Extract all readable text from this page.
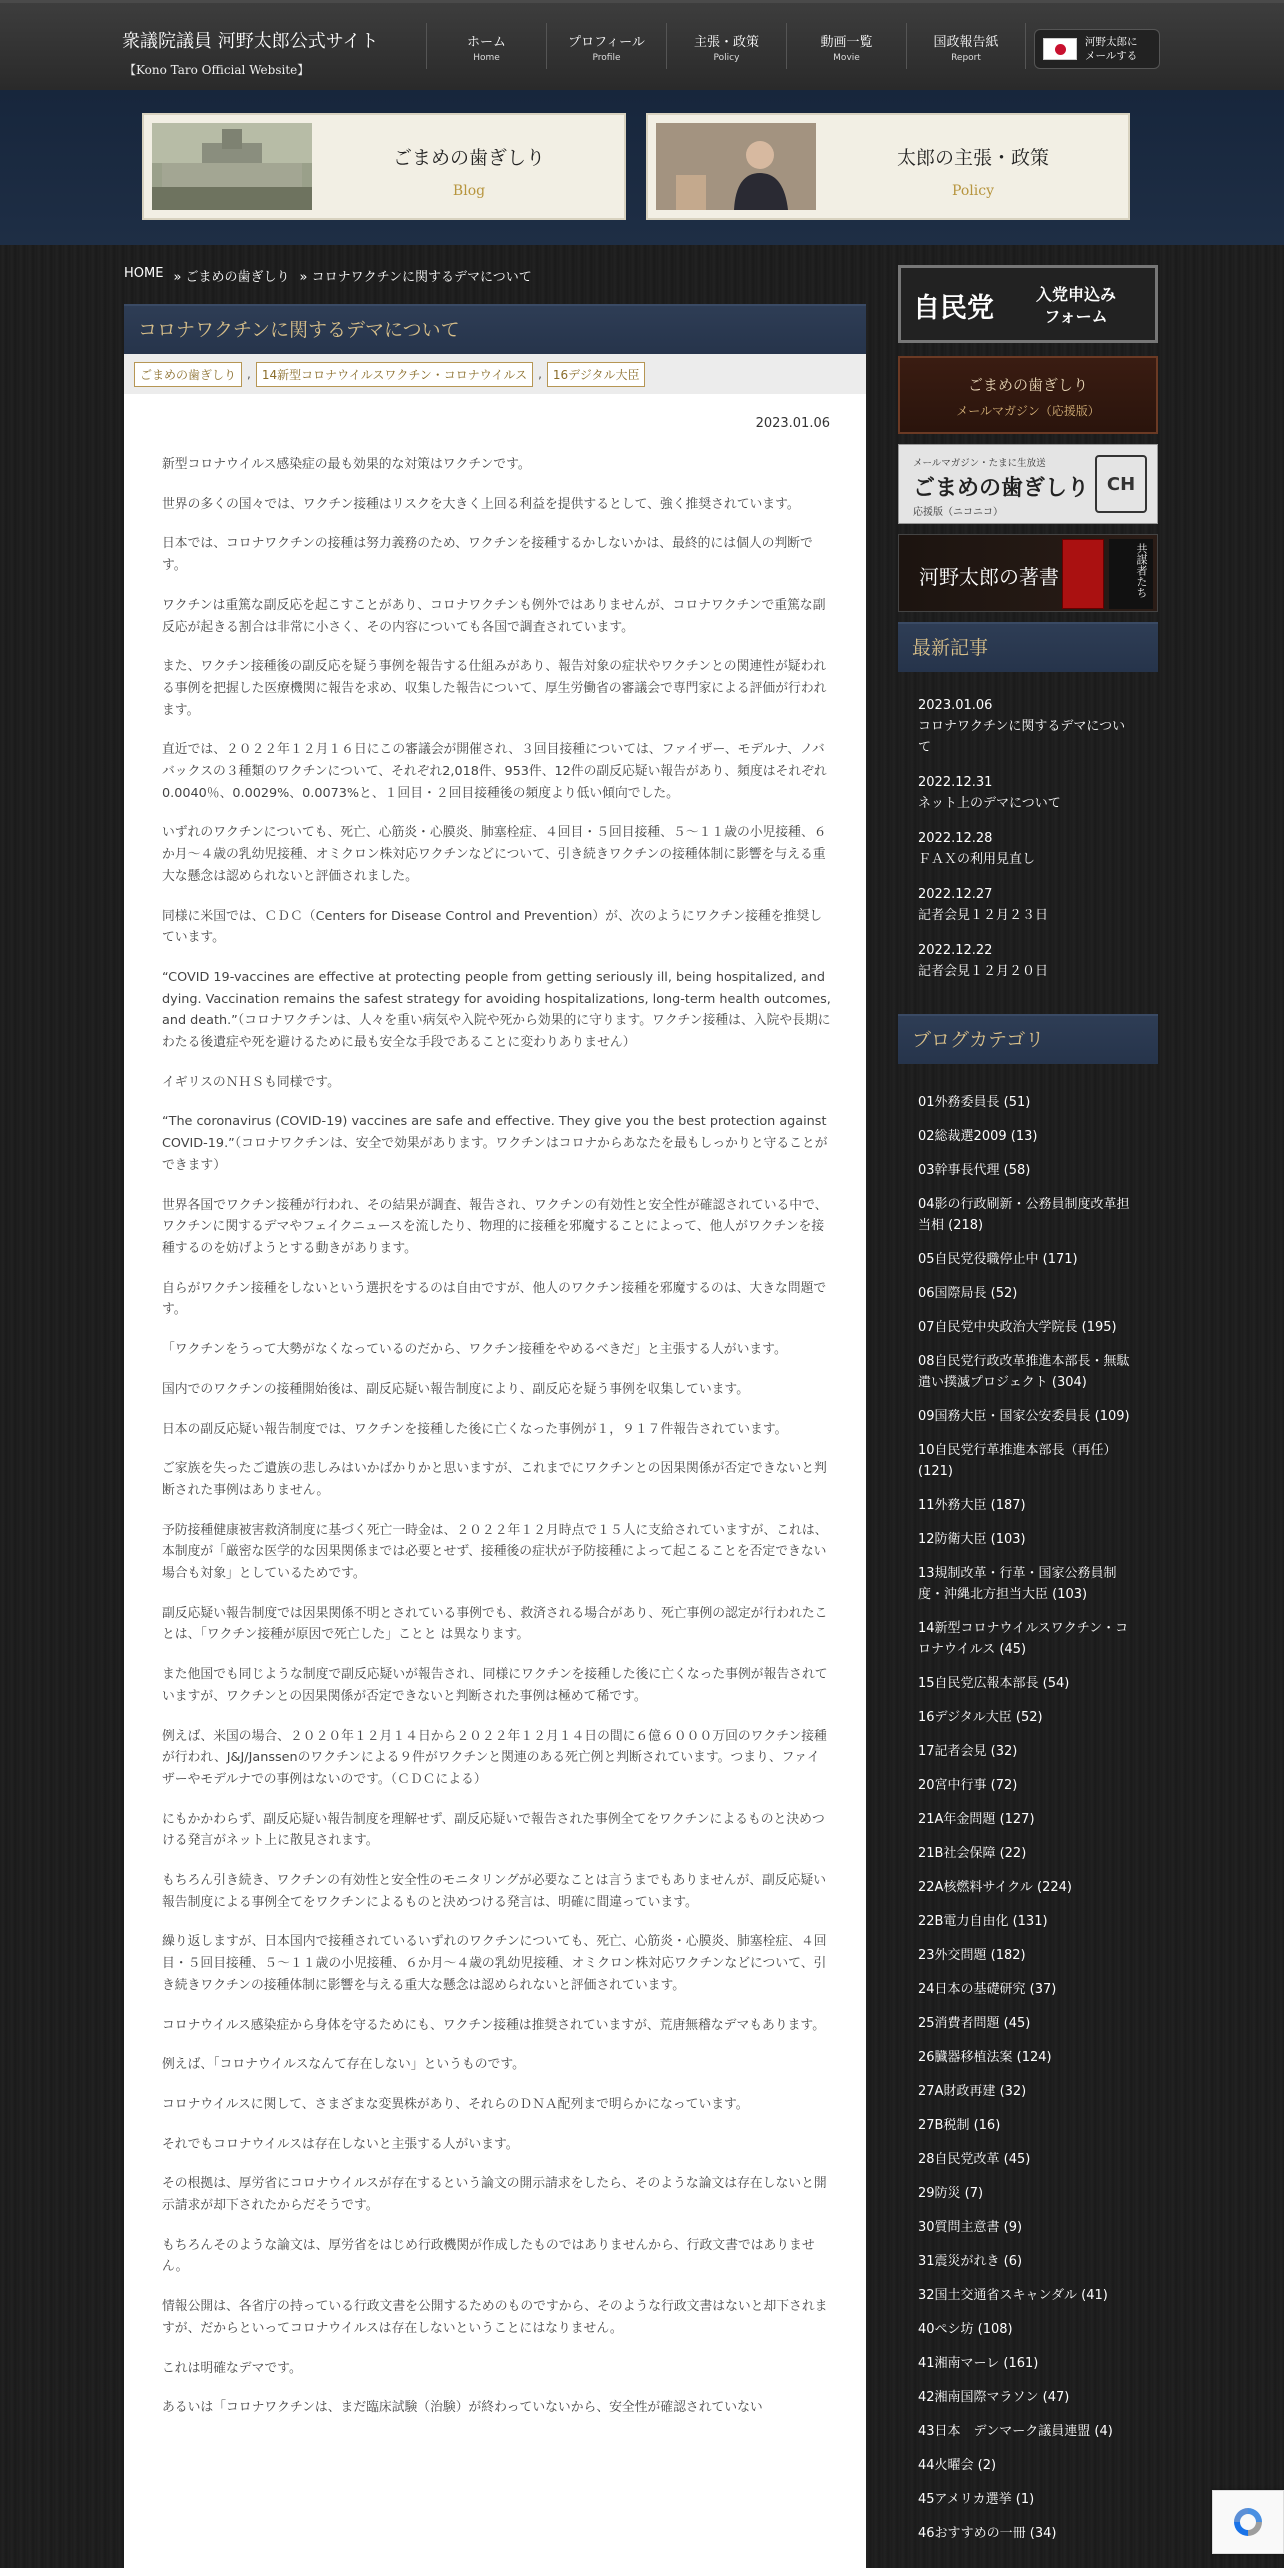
衆議院議員 河野太郎公式サイト
【Kono Taro Official Website】
ホーム
Home
プロフィール
Profile
主張・政策
Policy
動画一覧
Movie
国政報告紙
Report
河野太郎に
メールする
ごまめの歯ぎしり
Blog
太郎の主張・政策
Policy
HOME » ごまめの歯ぎしり » コロナワクチンに関するデマについて
コロナワクチンに関するデマについて
ごまめの歯ぎしり , 14新型コロナウイルスワクチン・コロナウイルス , 16デジタル大臣
2023.01.06

新型コロナウイルス感染症の最も効果的な対策はワクチンです。

世界の多くの国々では、ワクチン接種はリスクを大きく上回る利益を提供するとして、強く推奨されています。

日本では、コロナワクチンの接種は努力義務のため、ワクチンを接種するかしないかは、最終的には個人の判断です。

ワクチンは重篤な副反応を起こすことがあり、コロナワクチンも例外ではありませんが、コロナワクチンで重篤な副反応が起きる割合は非常に小さく、その内容についても各国で調査されています。

また、ワクチン接種後の副反応を疑う事例を報告する仕組みがあり、報告対象の症状やワクチンとの関連性が疑われる事例を把握した医療機関に報告を求め、収集した報告について、厚生労働省の審議会で専門家による評価が行われます。

直近では、２０２２年１２月１６日にこの審議会が開催され、３回目接種については、ファイザー、モデルナ、ノババックスの３種類のワクチンについて、それぞれ2,018件、953件、12件の副反応疑い報告があり、頻度はそれぞれ0.0040％、0.0029%、0.0073%と、１回目・２回目接種後の頻度より低い傾向でした。

いずれのワクチンについても、死亡、心筋炎・心膜炎、肺塞栓症、４回目・５回目接種、５～１１歳の小児接種、６か月～４歳の乳幼児接種、オミクロン株対応ワクチンなどについて、引き続きワクチンの接種体制に影響を与える重大な懸念は認められないと評価されました。

同様に米国では、ＣＤＣ（Centers for Disease Control and Prevention）が、次のようにワクチン接種を推奨しています。

“COVID 19-vaccines are effective at protecting people from getting seriously ill, being hospitalized, and dying. Vaccination remains the safest strategy for avoiding hospitalizations, long-term health outcomes, and death.”（コロナワクチンは、人々を重い病気や入院や死から効果的に守ります。ワクチン接種は、入院や長期にわたる後遺症や死を避けるために最も安全な手段であることに変わりありません）

イギリスのＮＨＳも同様です。

“The coronavirus (COVID-19) vaccines are safe and effective. They give you the best protection against COVID-19.”（コロナワクチンは、安全で効果があります。ワクチンはコロナからあなたを最もしっかりと守ることができます）

世界各国でワクチン接種が行われ、その結果が調査、報告され、ワクチンの有効性と安全性が確認されている中で、ワクチンに関するデマやフェイクニュースを流したり、物理的に接種を邪魔することによって、他人がワクチンを接種するのを妨げようとする動きがあります。

自らがワクチン接種をしないという選択をするのは自由ですが、他人のワクチン接種を邪魔するのは、大きな問題です。

「ワクチンをうって大勢がなくなっているのだから、ワクチン接種をやめるべきだ」と主張する人がいます。

国内でのワクチンの接種開始後は、副反応疑い報告制度により、副反応を疑う事例を収集しています。

日本の副反応疑い報告制度では、ワクチンを接種した後に亡くなった事例が１，９１７件報告されています。

ご家族を失ったご遺族の悲しみはいかばかりかと思いますが、これまでにワクチンとの因果関係が否定できないと判断された事例はありません。

予防接種健康被害救済制度に基づく死亡一時金は、２０２２年１２月時点で１５人に支給されていますが、これは、本制度が「厳密な医学的な因果関係までは必要とせず、接種後の症状が予防接種によって起こることを否定できない場合も対象」としているためです。

副反応疑い報告制度では因果関係不明とされている事例でも、救済される場合があり、死亡事例の認定が行われたことは、「ワクチン接種が原因で死亡した」ことと は異なります。

また他国でも同じような制度で副反応疑いが報告され、同様にワクチンを接種した後に亡くなった事例が報告されていますが、ワクチンとの因果関係が否定できないと判断された事例は極めて稀です。

例えば、米国の場合、２０２０年１２月１４日から２０２２年１２月１４日の間に６億６０００万回のワクチン接種が行われ、J&J/Janssenのワクチンによる９件がワクチンと関連のある死亡例と判断されています。つまり、ファイザーやモデルナでの事例はないのです。（ＣＤＣによる）

にもかかわらず、副反応疑い報告制度を理解せず、副反応疑いで報告された事例全てをワクチンによるものと決めつける発言がネット上に散見されます。

もちろん引き続き、ワクチンの有効性と安全性のモニタリングが必要なことは言うまでもありませんが、副反応疑い報告制度による事例全てをワクチンによるものと決めつける発言は、明確に間違っています。

繰り返しますが、日本国内で接種されているいずれのワクチンについても、死亡、心筋炎・心膜炎、肺塞栓症、４回目・５回目接種、５～１１歳の小児接種、６か月～４歳の乳幼児接種、オミクロン株対応ワクチンなどについて、引き続きワクチンの接種体制に影響を与える重大な懸念は認められないと評価されています。

コロナウイルス感染症から身体を守るためにも、ワクチン接種は推奨されていますが、荒唐無稽なデマもあります。

例えば、「コロナウイルスなんて存在しない」というものです。

コロナウイルスに関して、さまざまな変異株があり、それらのＤＮＡ配列まで明らかになっています。

それでもコロナウイルスは存在しないと主張する人がいます。

その根拠は、厚労省にコロナウイルスが存在するという論文の開示請求をしたら、そのような論文は存在しないと開示請求が却下されたからだそうです。

もちろんそのような論文は、厚労省をはじめ行政機関が作成したものではありませんから、行政文書ではありません。

情報公開は、各省庁の持っている行政文書を公開するためのものですから、そのような行政文書はないと却下されますが、だからといってコロナウイルスは存在しないということにはなりません。

これは明確なデマです。

あるいは「コロナワクチンは、まだ臨床試験（治験）が終わっていないから、安全性が確認されていない

自民党	入党申込み
フォーム
ごまめの歯ぎしり
メールマガジン（応援版）
メールマガジン・たまに生放送
ごまめの歯ぎしり
応援版（ニコニコ）
CH
河野太郎の著書	共謀者たち
最新記事
2023.01.06
コロナワクチンに関するデマについて
2022.12.31
ネット上のデマについて
2022.12.28
ＦＡＸの利用見直し
2022.12.27
記者会見１２月２３日
2022.12.22
記者会見１２月２０日
ブログカテゴリ
01外務委員長 (51)
02総裁選2009 (13)
03幹事長代理 (58)
04影の行政刷新・公務員制度改革担当相 (218)
05自民党役職停止中 (171)
06国際局長 (52)
07自民党中央政治大学院長 (195)
08自民党行政改革推進本部長・無駄遣い撲滅プロジェクト (304)
09国務大臣・国家公安委員長 (109)
10自民党行革推進本部長（再任） (121)
11外務大臣 (187)
12防衛大臣 (103)
13規制改革・行革・国家公務員制度・沖縄北方担当大臣 (103)
14新型コロナウイルスワクチン・コロナウイルス (45)
15自民党広報本部長 (54)
16デジタル大臣 (52)
17記者会見 (32)
20宮中行事 (72)
21A年金問題 (127)
21B社会保障 (22)
22A核燃料サイクル (224)
22B電力自由化 (131)
23外交問題 (182)
24日本の基礎研究 (37)
25消費者問題 (45)
26臓器移植法案 (124)
27A財政再建 (32)
27B税制 (16)
28自民党改革 (45)
29防災 (7)
30質問主意書 (9)
31震災がれき (6)
32国土交通省スキャンダル (41)
40ペシ坊 (108)
41湘南マーレ (161)
42湘南国際マラソン (47)
43日本　デンマーク議員連盟 (4)
44火曜会 (2)
45アメリカ選挙 (1)
46おすすめの一冊 (34)
